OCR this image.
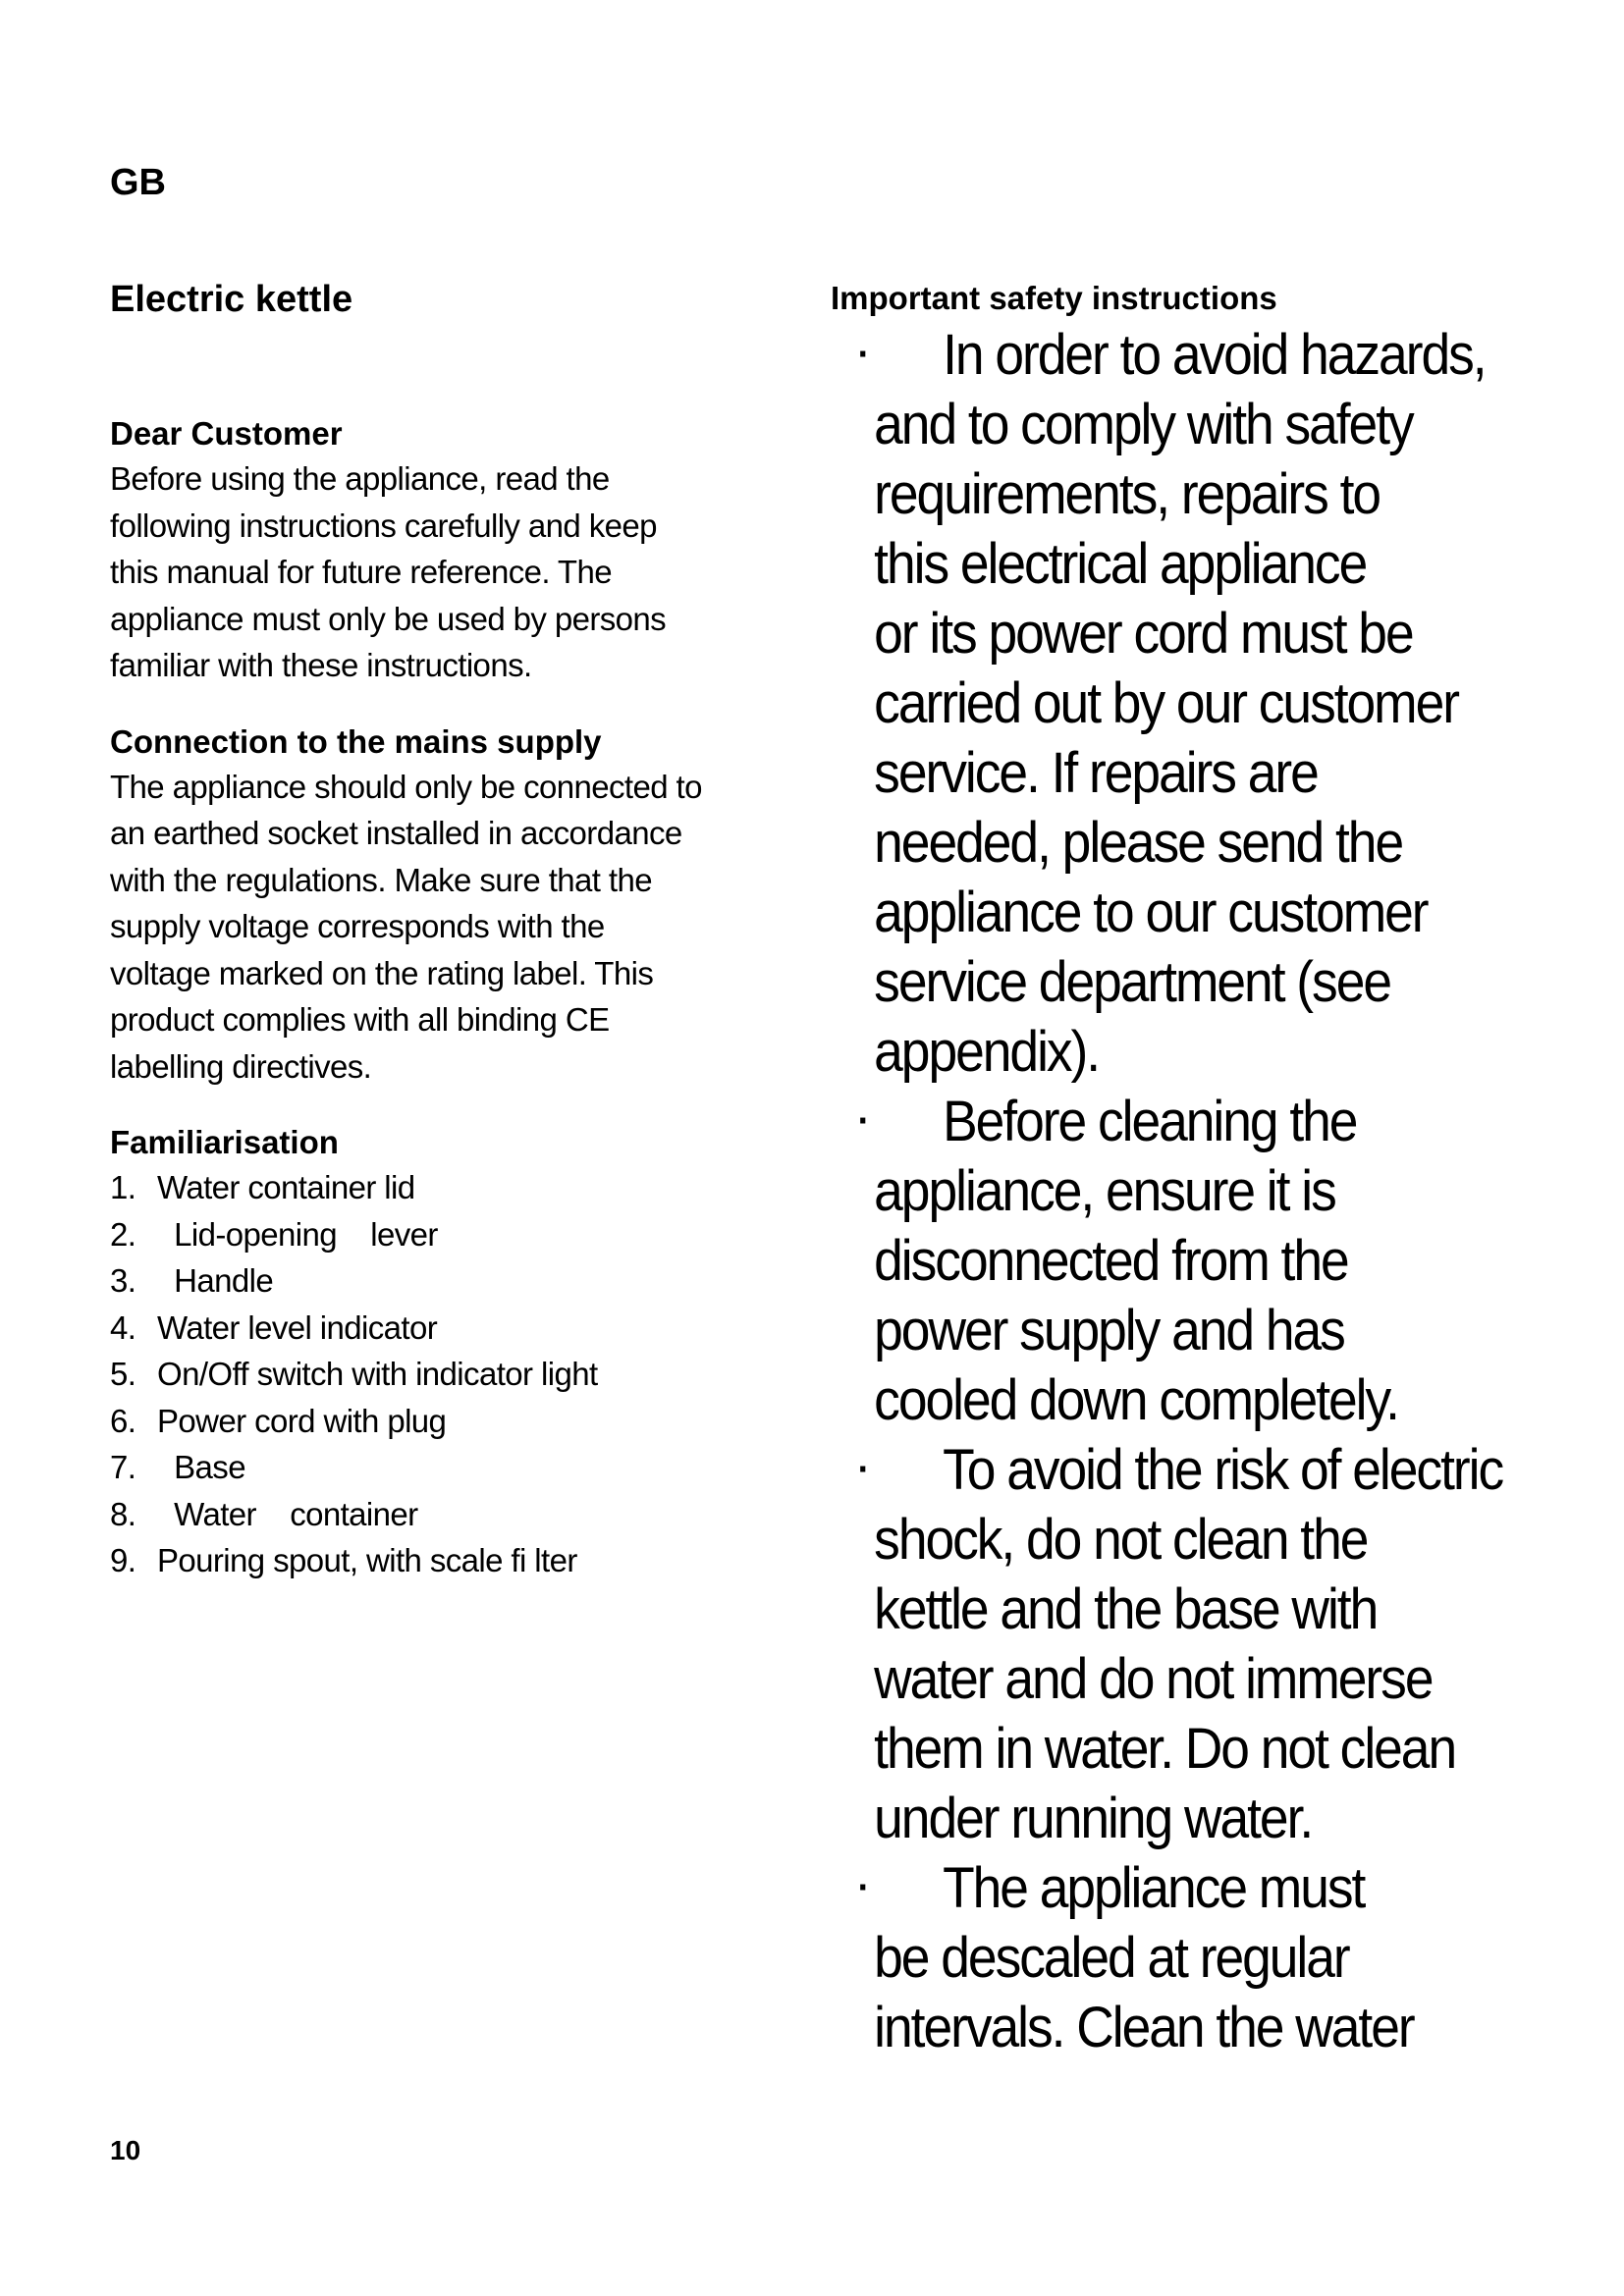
GB
Electric kettle
Dear Customer

Before using the appliance, read the
following instructions carefully and keep
this manual for future reference. The
appliance must only be used by persons
familiar with these instructions.

Connection to the mains supply

The appliance should only be connected to
an earthed socket installed in accordance
with the regulations. Make sure that the
supply voltage corresponds with the
voltage marked on the rating label. This
product complies with all binding CE
labelling directives.

Familiarisation
1. Water container lid
2. Lid-opening    lever
3. Handle
4. Water level indicator
5. On/Off switch with indicator light
6. Power cord with plug
7. Base
8. Water    container
9. Pouring spout, with scale fi lter
Important safety instructions
· In order to avoid hazards,
and to comply with safety
requirements, repairs to
this electrical appliance
or its power cord must be
carried out by our customer
service. If repairs are
needed, please send the
appliance to our customer
service department (see
appendix).
· Before cleaning the
appliance, ensure it is
disconnected from the
power supply and has
cooled down completely.
· To avoid the risk of electric
shock, do not clean the
kettle and the base with
water and do not immerse
them in water. Do not clean
under running water.
· The appliance must
be descaled at regular
intervals. Clean the water
10
